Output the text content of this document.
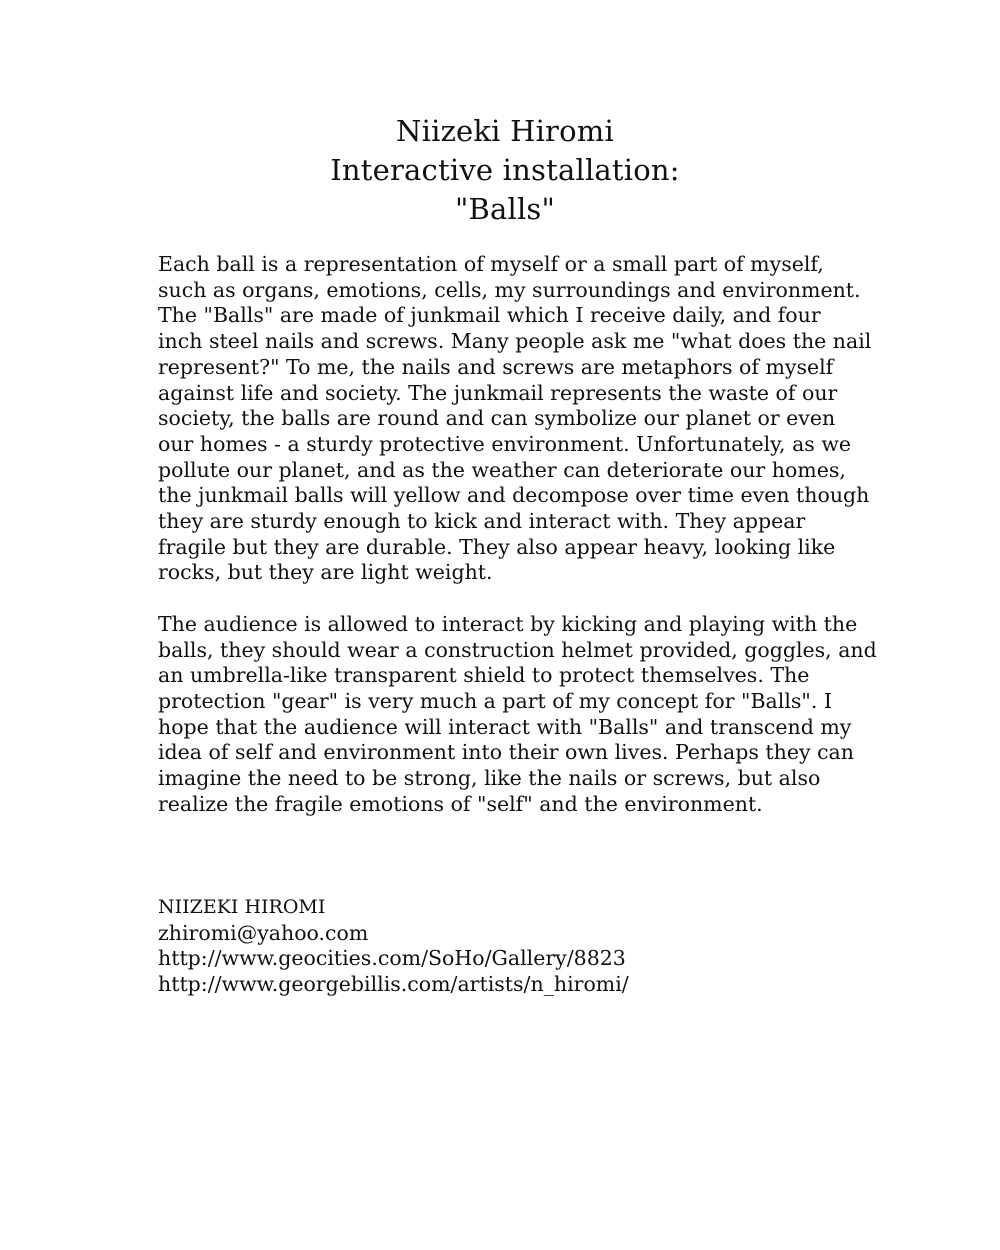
Niizeki Hiromi
Interactive installation:
"Balls"

Each ball is a representation of myself or a small part of myself,
such as organs, emotions, cells, my surroundings and environment.
The "Balls" are made of junkmail which I receive daily, and four
inch steel nails and screws. Many people ask me "what does the nail
represent?" To me, the nails and screws are metaphors of myself
against life and society. The junkmail represents the waste of our
society, the balls are round and can symbolize our planet or even
our homes - a sturdy protective environment. Unfortunately, as we
pollute our planet, and as the weather can deteriorate our homes,
the junkmail balls will yellow and decompose over time even though
they are sturdy enough to kick and interact with. They appear
fragile but they are durable. They also appear heavy, looking like
rocks, but they are light weight.

The audience is allowed to interact by kicking and playing with the
balls, they should wear a construction helmet provided, goggles, and
an umbrella-like transparent shield to protect themselves. The
protection "gear" is very much a part of my concept for "Balls". I
hope that the audience will interact with "Balls" and transcend my
idea of self and environment into their own lives. Perhaps they can
imagine the need to be strong, like the nails or screws, but also
realize the fragile emotions of "self" and the environment.

NIIZEKI HIROMI
zhiromi@yahoo.com
http://www.geocities.com/SoHo/Gallery/8823
http://www.georgebillis.com/artists/n_hiromi/
